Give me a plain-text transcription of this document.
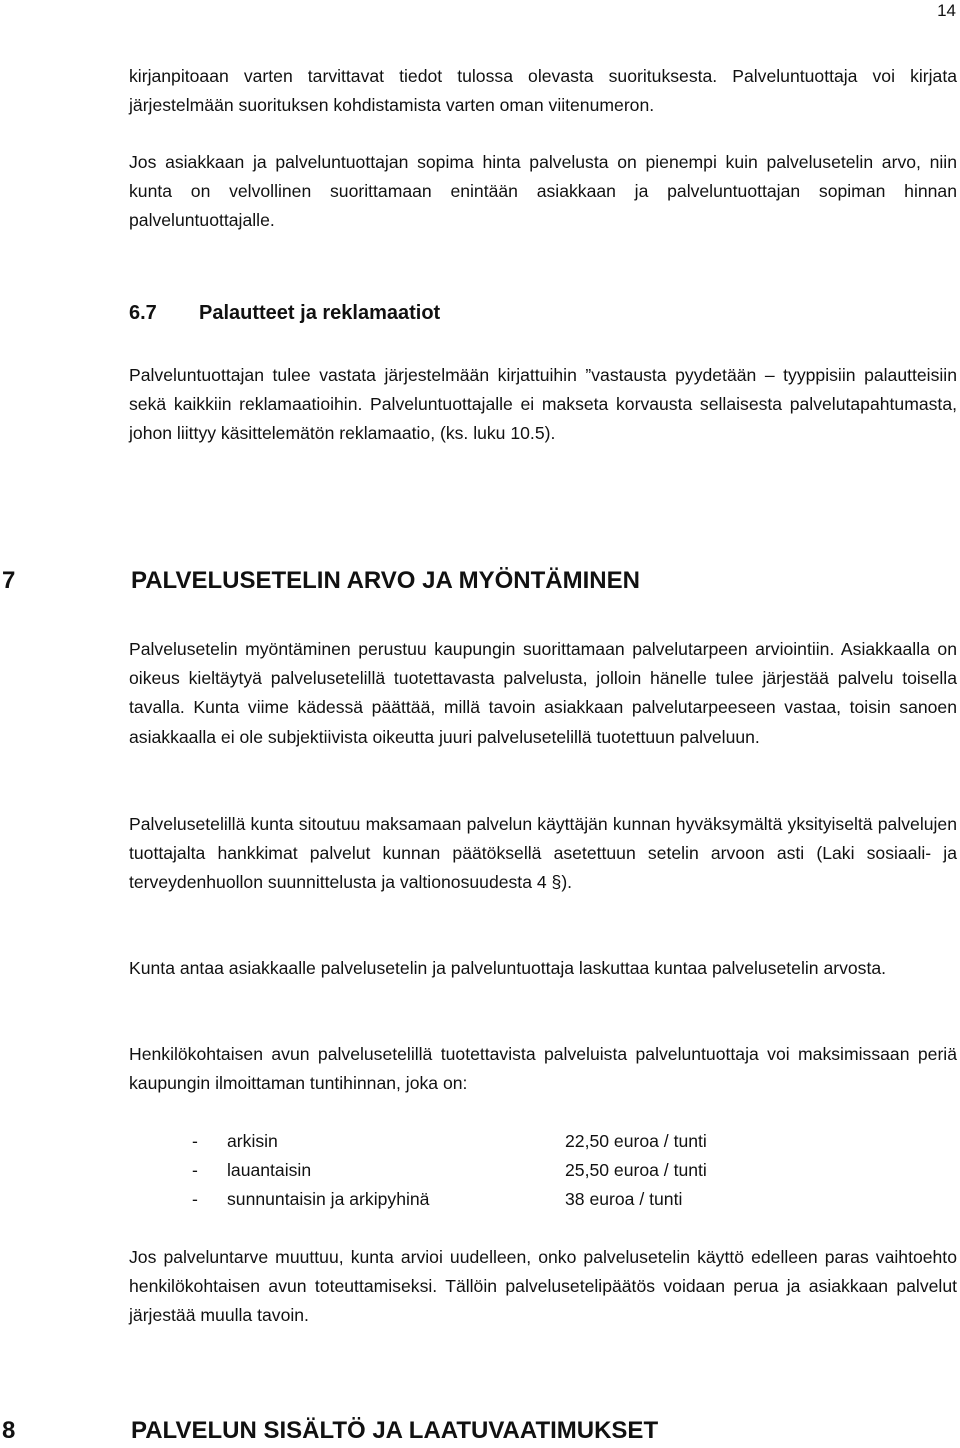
14

kirjanpitoaan varten tarvittavat tiedot tulossa olevasta suorituksesta. Palveluntuottaja voi kirjata järjestelmään suorituksen kohdistamista varten oman viitenumeron.

Jos asiakkaan ja palveluntuottajan sopima hinta palvelusta on pienempi kuin palvelusetelin arvo, niin kunta on velvollinen suorittamaan enintään asiakkaan ja palveluntuottajan sopiman hinnan palveluntuottajalle.

6.7 Palautteet ja reklamaatiot

Palveluntuottajan tulee vastata järjestelmään kirjattuihin ”vastausta pyydetään – tyyppisiin palautteisiin sekä kaikkiin reklamaatioihin. Palveluntuottajalle ei makseta korvausta sellaisesta palvelutapahtumasta, johon liittyy käsittelemätön reklamaatio, (ks. luku 10.5).

7	PALVELUSETELIN ARVO JA MYÖNTÄMINEN

Palvelusetelin myöntäminen perustuu kaupungin suorittamaan palvelutarpeen arviointiin. Asiakkaalla on oikeus kieltäytyä palvelusetelillä tuotettavasta palvelusta, jolloin hänelle tulee järjestää palvelu toisella tavalla. Kunta viime kädessä päättää, millä tavoin asiakkaan palvelutarpeeseen vastaa, toisin sanoen asiakkaalla ei ole subjektiivista oikeutta juuri palvelusetelillä tuotettuun palveluun.

Palvelusetelillä kunta sitoutuu maksamaan palvelun käyttäjän kunnan hyväksymältä yksityiseltä palvelujen tuottajalta hankkimat palvelut kunnan päätöksellä asetettuun setelin arvoon asti (Laki sosiaali- ja terveydenhuollon suunnittelusta ja valtionosuudesta 4 §).

Kunta antaa asiakkaalle palvelusetelin ja palveluntuottaja laskuttaa kuntaa palvelusetelin arvosta.

Henkilökohtaisen avun palvelusetelillä tuotettavista palveluista palveluntuottaja voi maksimissaan periä kaupungin ilmoittaman tuntihinnan, joka on:

- arkisin	22,50 euroa / tunti
- lauantaisin	25,50 euroa / tunti
- sunnuntaisin ja arkipyhinä	38 euroa / tunti

Jos palveluntarve muuttuu, kunta arvioi uudelleen, onko palvelusetelin käyttö edelleen paras vaihtoehto henkilökohtaisen avun toteuttamiseksi. Tällöin palvelusetelipäätös voidaan perua ja asiakkaan palvelut järjestää muulla tavoin.

8	PALVELUN SISÄLTÖ JA LAATUVAATIMUKSET
